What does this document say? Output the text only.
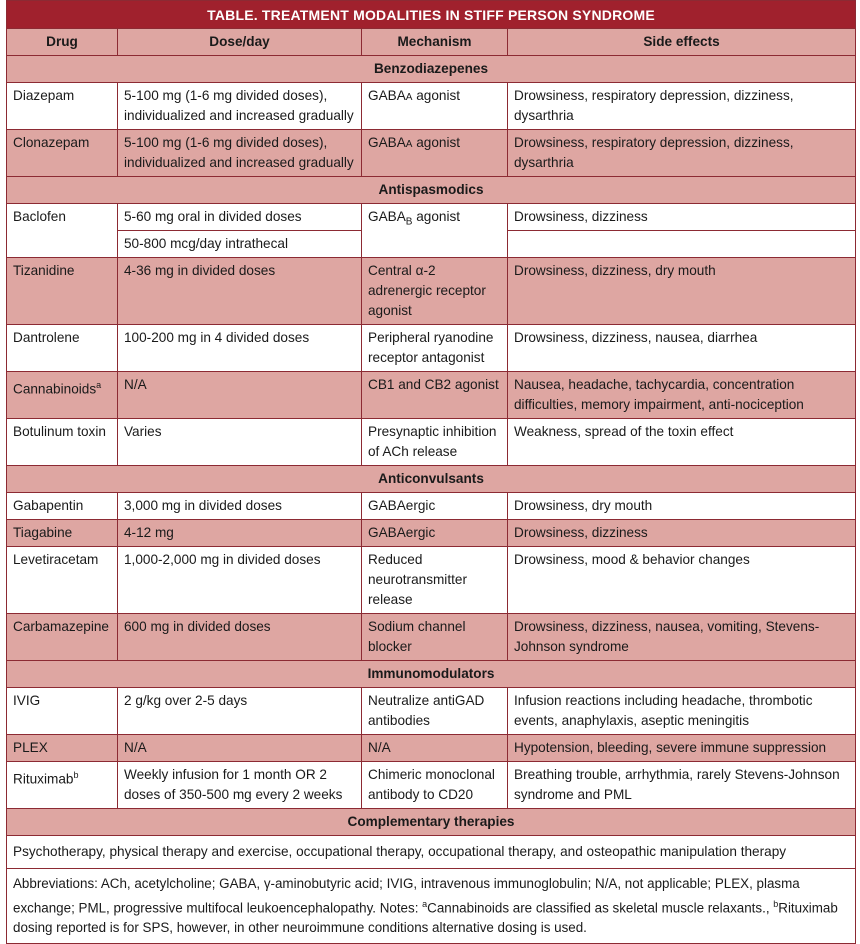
TABLE. TREATMENT MODALITIES IN STIFF PERSON SYNDROME			
Drug	Dose/day	Mechanism	Side effects
Benzodiazepenes			
Diazepam	5-100 mg (1-6 mg divided doses), individualized and increased gradually	GABAA agonist	Drowsiness, respiratory depression, dizziness, dysarthria
Clonazepam	5-100 mg (1-6 mg divided doses), individualized and increased gradually	GABAA agonist	Drowsiness, respiratory depression, dizziness, dysarthria
Antispasmodics			
Baclofen	5-60 mg oral in divided doses	$GABA_B$ agonist	Drowsiness, dizziness
	50-800 mcg/day intrathecal		
Tizanidine	4-36 mg in divided doses	Central α-2 adrenergic receptor agonist	Drowsiness, dizziness, dry mouth
Dantrolene	100-200 mg in 4 divided doses	Peripheral ryanodine receptor antagonist	Drowsiness, dizziness, nausea, diarrhea
Cannabinoids$^a$	N/A	CB1 and CB2 agonist	Nausea, headache, tachycardia, concentration difficulties, memory impairment, anti-nociception
Botulinum toxin	Varies	Presynaptic inhibition of ACh release	Weakness, spread of the toxin effect
Anticonvulsants			
Gabapentin	3,000 mg in divided doses	GABAergic	Drowsiness, dry mouth
Tiagabine	4-12 mg	GABAergic	Drowsiness, dizziness
Levetiracetam	1,000-2,000 mg in divided doses	Reduced neurotransmitter release	Drowsiness, mood & behavior changes
Carbamazepine	600 mg in divided doses	Sodium channel blocker	Drowsiness, dizziness, nausea, vomiting, Stevens-Johnson syndrome
Immunomodulators			
IVIG	2 g/kg over 2-5 days	Neutralize antiGAD antibodies	Infusion reactions including headache, thrombotic events, anaphylaxis, aseptic meningitis
PLEX	N/A	N/A	Hypotension, bleeding, severe immune suppression
Rituximab$^b$	Weekly infusion for 1 month OR 2 doses of 350-500 mg every 2 weeks	Chimeric monoclonal antibody to CD20	Breathing trouble, arrhythmia, rarely Stevens-Johnson syndrome and PML
Complementary therapies			
Psychotherapy, physical therapy and exercise, occupational therapy, occupational therapy, and osteopathic manipulation therapy			
Abbreviations: ACh, acetylcholine; GABA, γ-aminobutyric acid; IVIG, intravenous immunoglobulin; N/A, not applicable; PLEX, plasma exchange; PML, progressive multifocal leukoencephalopathy. Notes: $^a$Cannabinoids are classified as skeletal muscle relaxants., $^b$Rituximab dosing reported is for SPS, however, in other neuroimmune conditions alternative dosing is used.			
